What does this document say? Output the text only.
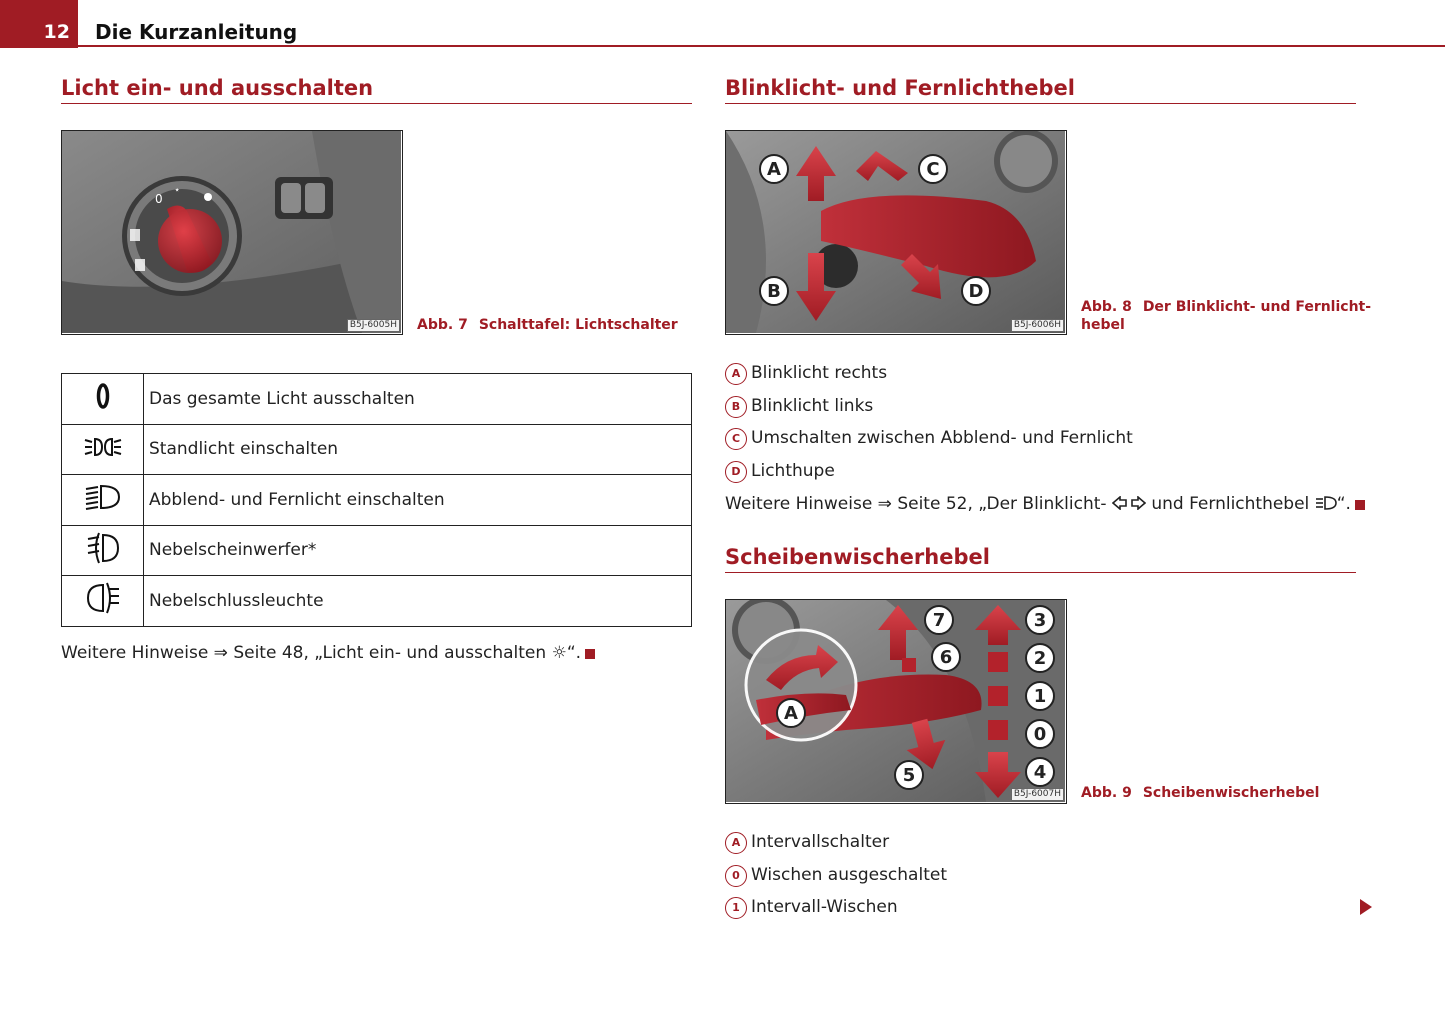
12	Die Kurzanleitung
Licht ein- und ausschalten
0
⋆
B5J-6005H Abb. 7 Schalttafel: Lichtschalter
	Das gesamte Licht ausschalten
	Standlicht einschalten
	Abblend- und Fernlicht einschalten
	Nebelscheinwerfer*
	Nebelschlussleuchte
Weitere Hinweise ⇒ Seite 48, „Licht ein- und ausschalten ☼“.
Blinklicht- und Fernlichthebel
A
B
C
D
B5J-6006H
Abb. 8 Der Blinklicht- und Fernlicht-
hebel
A Blinklicht rechts
B Blinklicht links
C Umschalten zwischen Abblend- und Fernlicht
D Lichthupe
Weitere Hinweise ⇒ Seite 52, „Der Blinklicht-  und Fernlichthebel “.
Scheibenwischerhebel
7
6
5
A
3
2
1
0
4
B5J-6007H Abb. 9 Scheibenwischerhebel
A Intervallschalter
0 Wischen ausgeschaltet
1 Intervall-Wischen
